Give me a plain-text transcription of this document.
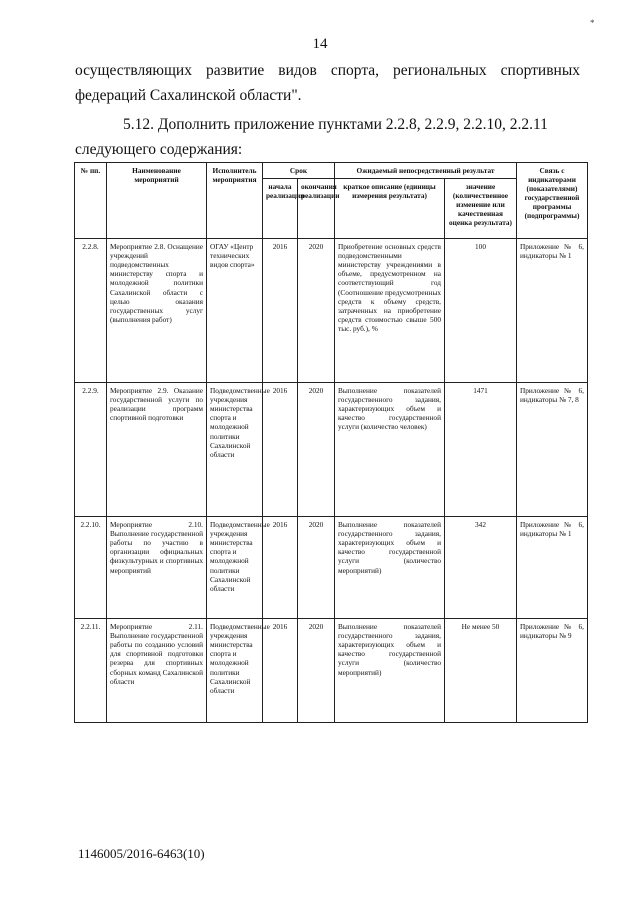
*
14
осуществляющих развитие видов спорта, региональных спортивных
федераций Сахалинской области".
5.12. Дополнить приложение пунктами 2.2.8, 2.2.9, 2.2.10, 2.2.11 следующего содержания:
№ пп.	Наименование мероприятий	Исполнитель мероприятия	Срок		Ожидаемый непосредственный результат		Связь с индикаторами (показателями) государственной программы (подпрограммы)
			начала реализации	окончания реализации	краткое описание (единицы измерения результата)	значение (количественное изменение или качественная оценка результата)	
2.2.8.	Мероприятие 2.8. Оснащение учреждений подведомственных министерству спорта и молодежной политики Сахалинской области с целью оказания государственных услуг (выполнения работ)	ОГАУ «Центр технических видов спорта»	2016	2020	Приобретение основных средств подведомственными министерству учреждениями в объеме, предусмотренном на соответствующий год (Соотношение предусмотренных средств к объему средств, затраченных на приобретение средств стоимостью свыше 500 тыс. руб.), %	100	Приложение № 6, индикаторы № 1
2.2.9.	Мероприятие 2.9. Оказание государственной услуги по реализации программ спортивной подготовки	Подведомственные учреждения министерства спорта и молодежной политики Сахалинской области	2016	2020	Выполнение показателей государственного задания, характеризующих объем и качество государственной услуги (количество человек)	1471	Приложение № 6, индикаторы № 7, 8
2.2.10.	Мероприятие 2.10. Выполнение государственной работы по участию в организации официальных физкультурных и спортивных мероприятий	Подведомственные учреждения министерства спорта и молодежной политики Сахалинской области	2016	2020	Выполнение показателей государственного задания, характеризующих объем и качество государственной услуги (количество мероприятий)	342	Приложение № 6, индикаторы № 1
2.2.11.	Мероприятие 2.11. Выполнение государственной работы по созданию условий для спортивной подготовки резерва для спортивных сборных команд Сахалинской области	Подведомственные учреждения министерства спорта и молодежной политики Сахалинской области	2016	2020	Выполнение показателей государственного задания, характеризующих объем и качество государственной услуги (количество мероприятий)	Не менее 50	Приложение № 6, индикаторы № 9
1146005/2016-6463(10)
